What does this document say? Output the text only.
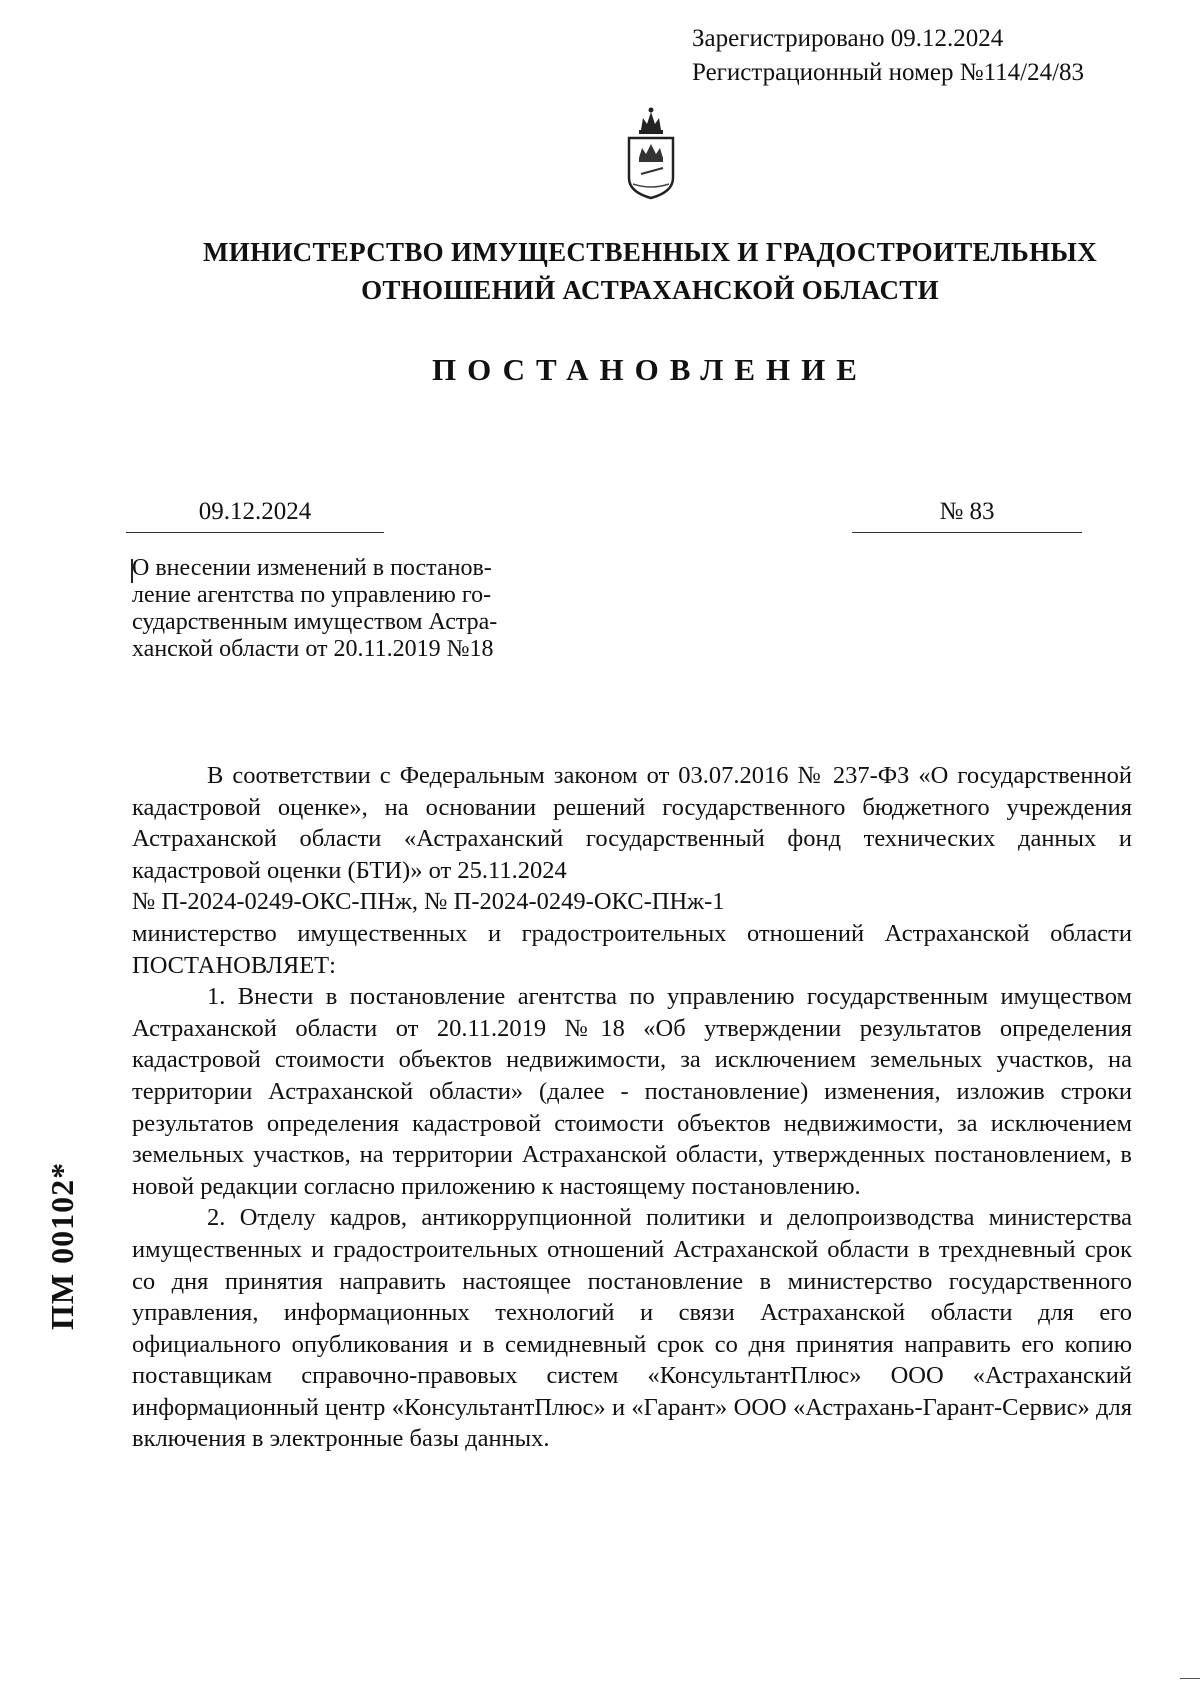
Зарегистрировано 09.12.2024
Регистрационный номер №114/24/83
МИНИСТЕРСТВО ИМУЩЕСТВЕННЫХ И ГРАДОСТРОИТЕЛЬНЫХ
ОТНОШЕНИЙ АСТРАХАНСКОЙ ОБЛАСТИ
ПОСТАНОВЛЕНИЕ
09.12.2024	№ 83
О внесении изменений в постанов-
ление агентства по управлению го-
сударственным имуществом Астра-
ханской области от 20.11.2019 №18

В соответствии с Федеральным законом от 03.07.2016 № 237-ФЗ «О государственной кадастровой оценке», на основании решений государственного бюджетного учреждения Астраханской области «Астраханский государственный фонд технических данных и кадастровой оценки (БТИ)» от 25.11.2024

№ П-2024-0249-ОКС-ПНж, № П-2024-0249-ОКС-ПНж-1

министерство имущественных и градостроительных отношений Астраханской области ПОСТАНОВЛЯЕТ:

1. Внести в постановление агентства по управлению государственным имуществом Астраханской области от 20.11.2019 №18 «Об утверждении результатов определения кадастровой стоимости объектов недвижимости, за исключением земельных участков, на территории Астраханской области» (далее - постановление) изменения, изложив строки результатов определения кадастровой стоимости объектов недвижимости, за исключением земельных участков, на территории Астраханской области, утвержденных постановлением, в новой редакции согласно приложению к настоящему постановлению.

2. Отделу кадров, антикоррупционной политики и делопроизводства министерства имущественных и градостроительных отношений Астраханской области в трехдневный срок со дня принятия направить настоящее постановление в министерство государственного управления, информационных технологий и связи Астраханской области для его официального опубликования и в семидневный срок со дня принятия направить его копию поставщикам справочно-правовых систем «КонсультантПлюс» ООО «Астраханский информационный центр «КонсультантПлюс» и «Гарант» ООО «Астрахань-Гарант-Сервис» для включения в электронные базы данных.

ПМ 00102*
